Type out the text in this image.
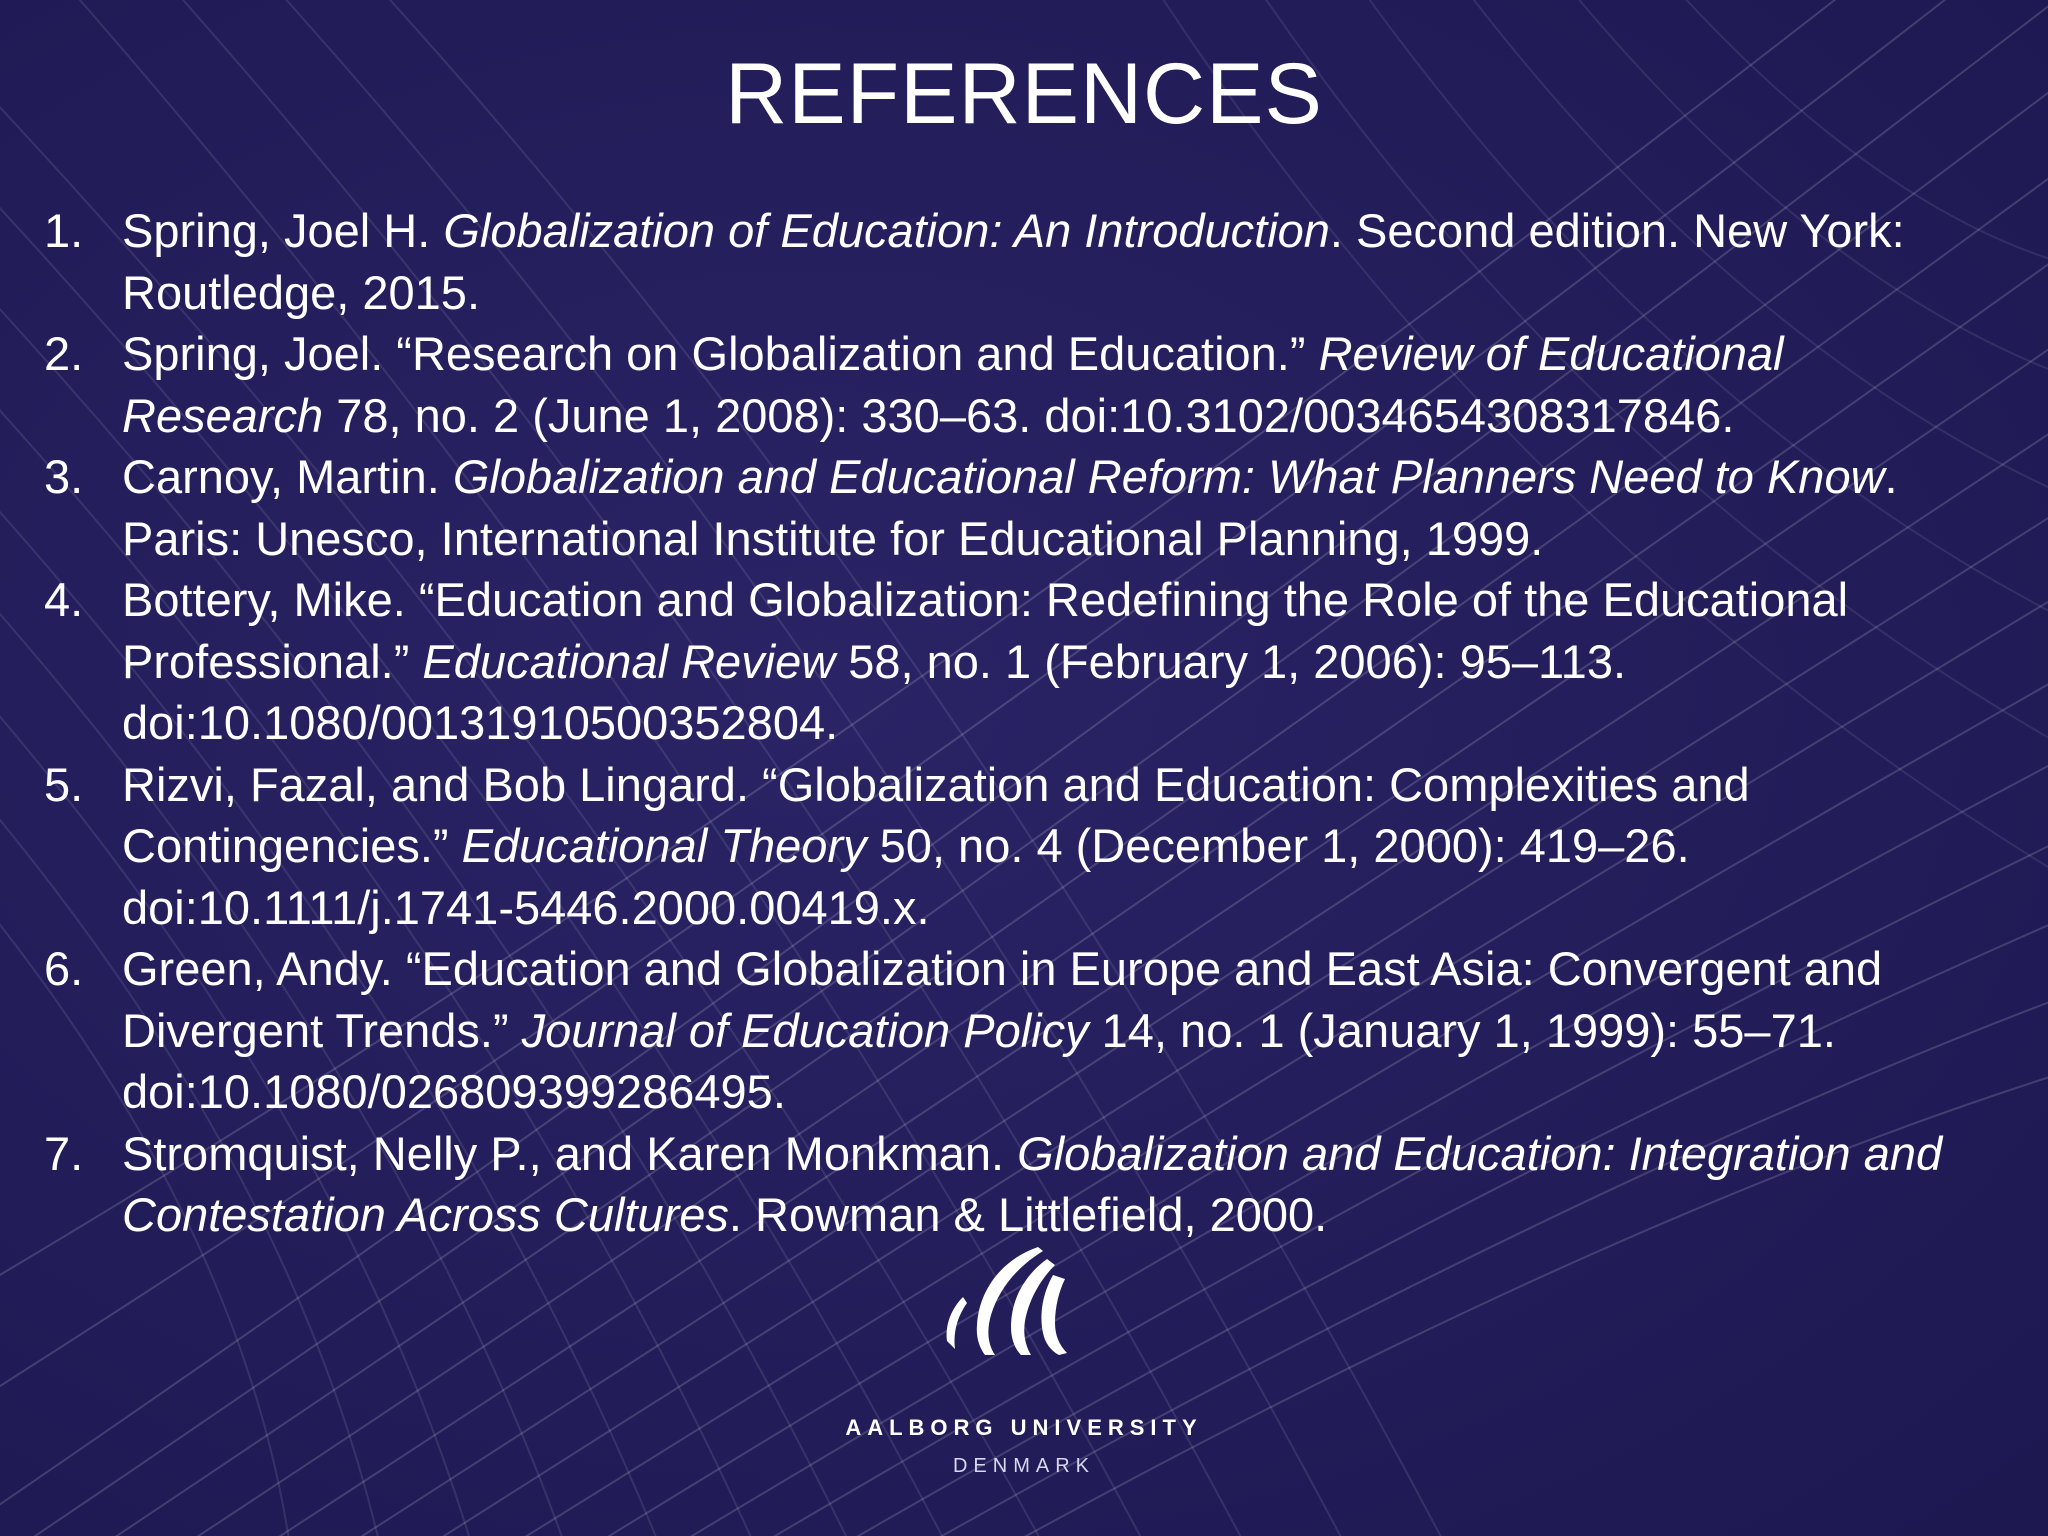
REFERENCES
1. Spring, Joel H. Globalization of Education: An Introduction. Second edition. New York: Routledge, 2015.
2. Spring, Joel. “Research on Globalization and Education.” Review of Educational Research 78, no. 2 (June 1, 2008): 330–63. doi:10.3102/0034654308317846.
3. Carnoy, Martin. Globalization and Educational Reform: What Planners Need to Know. Paris: Unesco, International Institute for Educational Planning, 1999.
4. Bottery, Mike. “Education and Globalization: Redefining the Role of the Educational Professional.” Educational Review 58, no. 1 (February 1, 2006): 95–113. doi:10.1080/00131910500352804.
5. Rizvi, Fazal, and Bob Lingard. “Globalization and Education: Complexities and Contingencies.” Educational Theory 50, no. 4 (December 1, 2000): 419–26. doi:10.1111/j.1741-5446.2000.00419.x.
6. Green, Andy. “Education and Globalization in Europe and East Asia: Convergent and Divergent Trends.” Journal of Education Policy 14, no. 1 (January 1, 1999): 55–71. doi:10.1080/026809399286495.
7. Stromquist, Nelly P., and Karen Monkman. Globalization and Education: Integration and Contestation Across Cultures. Rowman & Littlefield, 2000.
AALBORG UNIVERSITY
DENMARK
